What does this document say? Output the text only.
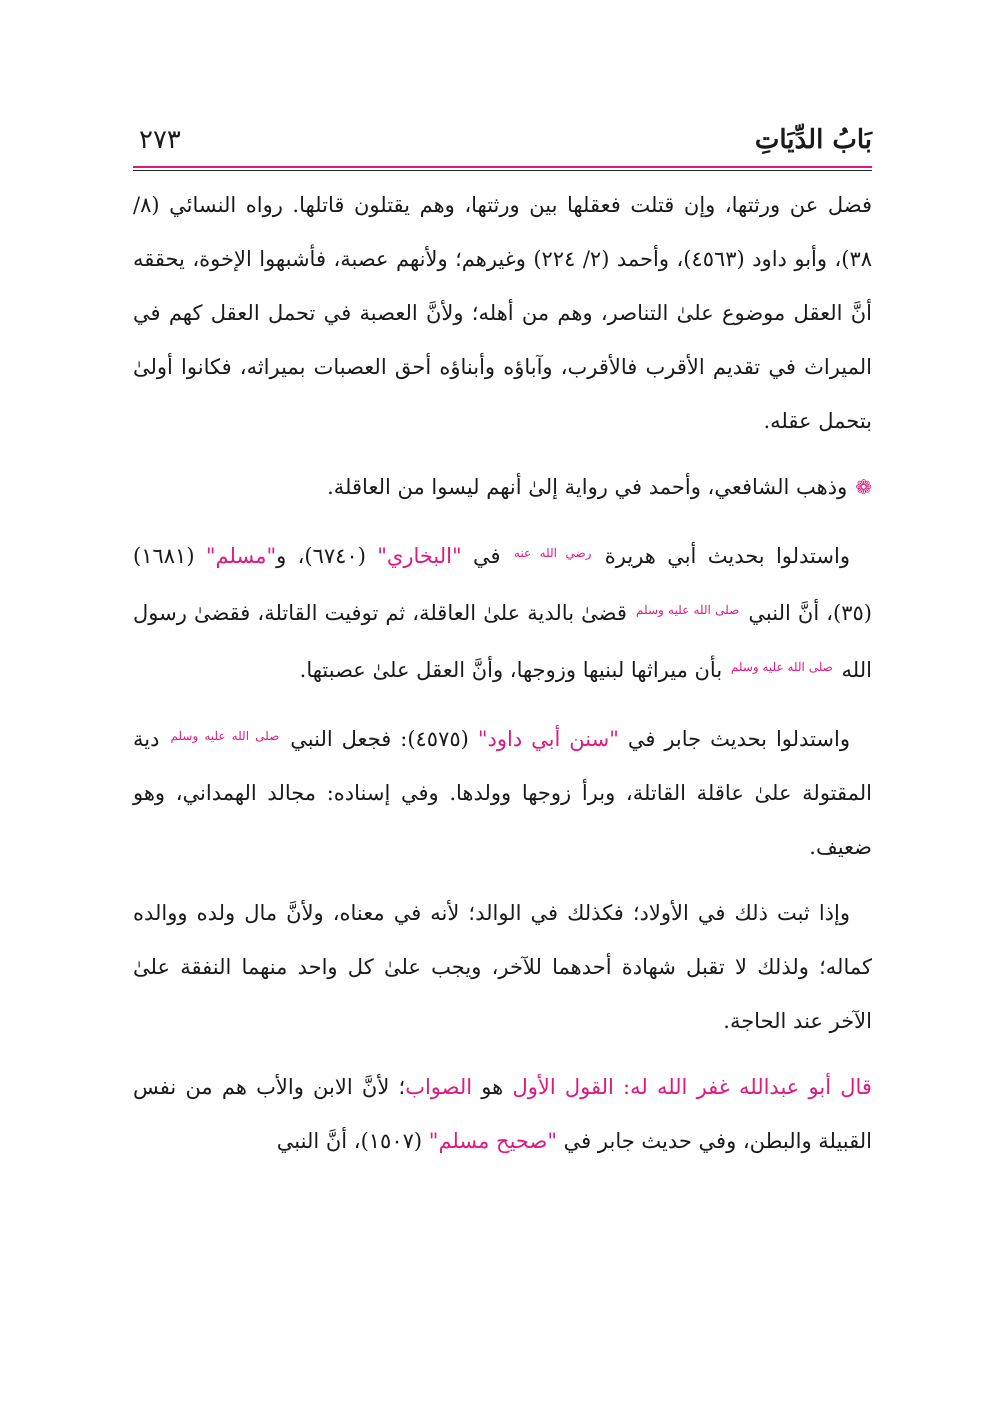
بَابُ الدِّيَاتِ
٢٧٣

فضل عن ورثتها، وإن قتلت فعقلها بين ورثتها، وهم يقتلون قاتلها. رواه النسائي (٨/ ٣٨)، وأبو داود (٤٥٦٣)، وأحمد (٢/ ٢٢٤) وغيرهم؛ ولأنهم عصبة، فأشبهوا الإخوة، يحققه أنَّ العقل موضوع علىٰ التناصر، وهم من أهله؛ ولأنَّ العصبة في تحمل العقل كهم في الميراث في تقديم الأقرب فالأقرب، وآباؤه وأبناؤه أحق العصبات بميراثه، فكانوا أولىٰ بتحمل عقله.

❁وذهب الشافعي، وأحمد في رواية إلىٰ أنهم ليسوا من العاقلة.

واستدلوا بحديث أبي هريرة $^{رضي الله عنه}$ في "البخاري" (٦٧٤٠)، و"مسلم" (١٦٨١) (٣٥)، أنَّ النبي $^{صلى الله عليه وسلم}$ قضىٰ بالدية علىٰ العاقلة، ثم توفيت القاتلة، فقضىٰ رسول الله $^{صلى الله عليه وسلم}$ بأن ميراثها لبنيها وزوجها، وأنَّ العقل علىٰ عصبتها.

واستدلوا بحديث جابر في "سنن أبي داود" (٤٥٧٥): فجعل النبي $^{صلى الله عليه وسلم}$ دية المقتولة علىٰ عاقلة القاتلة، وبرأ زوجها وولدها. وفي إسناده: مجالد الهمداني، وهو ضعيف.

وإذا ثبت ذلك في الأولاد؛ فكذلك في الوالد؛ لأنه في معناه، ولأنَّ مال ولده ووالده كماله؛ ولذلك لا تقبل شهادة أحدهما للآخر، ويجب علىٰ كل واحد منهما النفقة علىٰ الآخر عند الحاجة.

قال أبو عبدالله غفر الله له: القول الأول هو الصواب؛ لأنَّ الابن والأب هم من نفس القبيلة والبطن، وفي حديث جابر في "صحيح مسلم" (١٥٠٧)، أنَّ النبي
